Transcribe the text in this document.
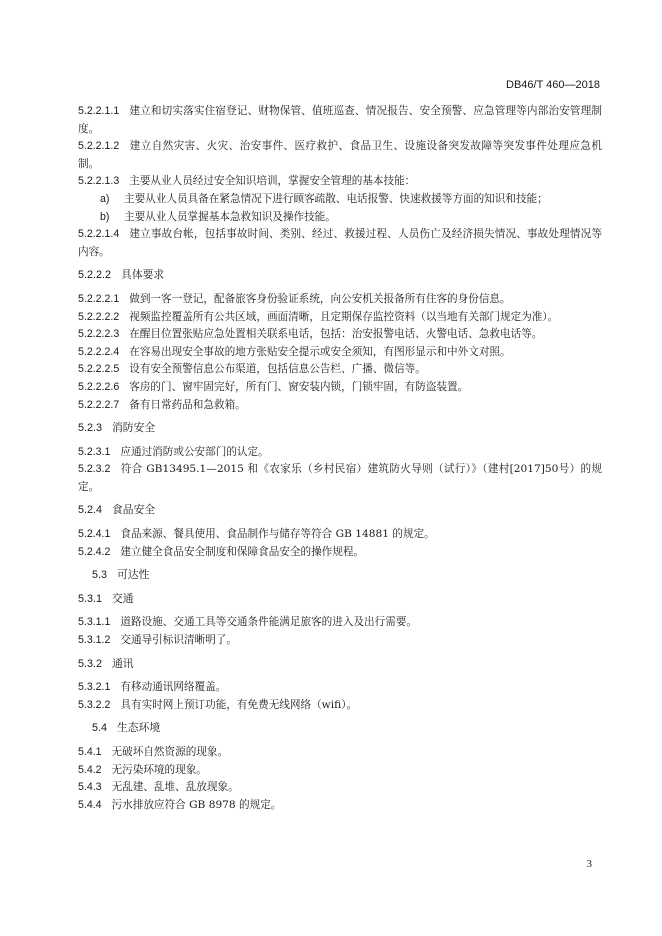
DB46/T 460—2018

5.2.2.1.1 建立和切实落实住宿登记、财物保管、值班巡查、情况报告、安全预警、应急管理等内部治安管理制度。

5.2.2.1.2 建立自然灾害、火灾、治安事件、医疗救护、食品卫生、设施设备突发故障等突发事件处理应急机制。

5.2.2.1.3 主要从业人员经过安全知识培训，掌握安全管理的基本技能：

a) 主要从业人员具备在紧急情况下进行顾客疏散、电话报警、快速救援等方面的知识和技能；

b) 主要从业人员掌握基本急救知识及操作技能。

5.2.2.1.4 建立事故台帐，包括事故时间、类别、经过、救援过程、人员伤亡及经济损失情况、事故处理情况等内容。

5.2.2.2 具体要求

5.2.2.2.1 做到一客一登记，配备旅客身份验证系统，向公安机关报备所有住客的身份信息。

5.2.2.2.2 视频监控覆盖所有公共区域，画面清晰，且定期保存监控资料（以当地有关部门规定为准）。

5.2.2.2.3 在醒目位置张贴应急处置相关联系电话，包括：治安报警电话、火警电话、急救电话等。

5.2.2.2.4 在容易出现安全事故的地方张贴安全提示或安全须知，有图形显示和中外文对照。

5.2.2.2.5 设有安全预警信息公布渠道，包括信息公告栏、广播、微信等。

5.2.2.2.6 客房的门、窗牢固完好，所有门、窗安装内锁，门锁牢固，有防盗装置。

5.2.2.2.7 备有日常药品和急救箱。

5.2.3 消防安全

5.2.3.1 应通过消防或公安部门的认定。

5.2.3.2 符合 GB13495.1—2015 和《农家乐（乡村民宿）建筑防火导则（试行）》（建村[2017]50号）的规定。

5.2.4 食品安全

5.2.4.1 食品来源、餐具使用、食品制作与储存等符合 GB 14881 的规定。

5.2.4.2 建立健全食品安全制度和保障食品安全的操作规程。

5.3 可达性
5.3.1 交通

5.3.1.1 道路设施、交通工具等交通条件能满足旅客的进入及出行需要。

5.3.1.2 交通导引标识清晰明了。

5.3.2 通讯

5.3.2.1 有移动通讯网络覆盖。

5.3.2.2 具有实时网上预订功能，有免费无线网络（wifi）。

5.4 生态环境

5.4.1 无破坏自然资源的现象。

5.4.2 无污染环境的现象。

5.4.3 无乱建、乱堆、乱放现象。

5.4.4 污水排放应符合 GB 8978 的规定。

3
